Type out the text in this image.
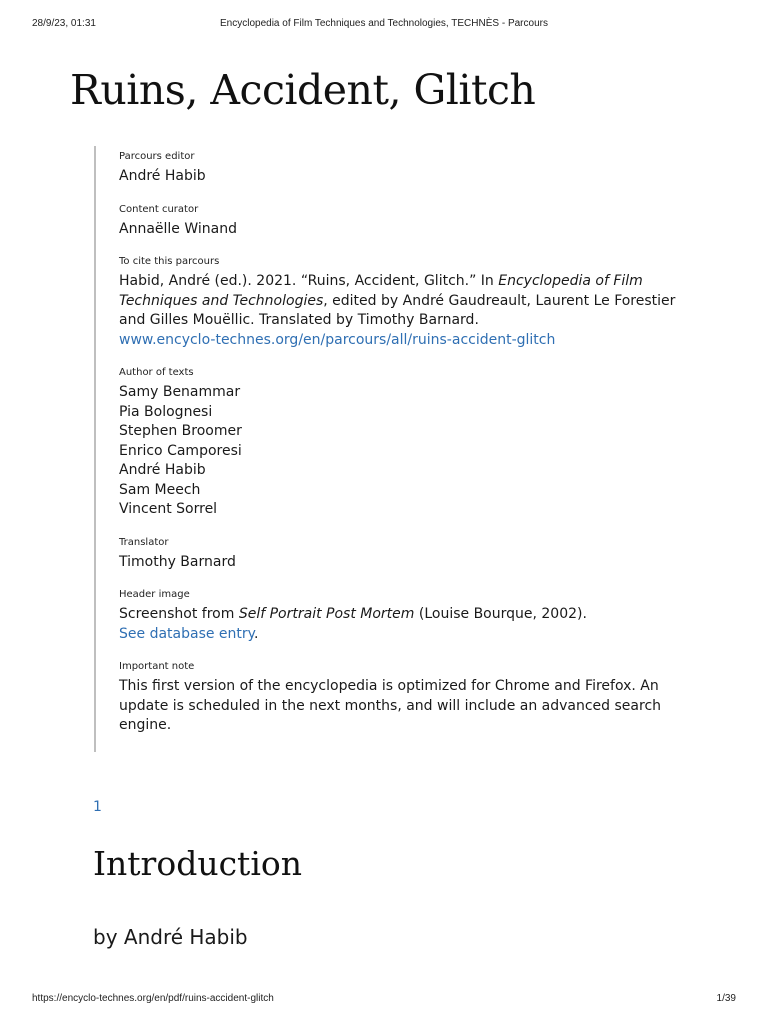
28/9/23, 01:31	Encyclopedia of Film Techniques and Technologies, TECHNÈS - Parcours
Ruins, Accident, Glitch
Parcours editor
André Habib
Content curator
Annaëlle Winand
To cite this parcours
Habid, André (ed.). 2021. “Ruins, Accident, Glitch.” In Encyclopedia of Film Techniques and Technologies, edited by André Gaudreault, Laurent Le Forestier and Gilles Mouëllic. Translated by Timothy Barnard.
www.encyclo-technes.org/en/parcours/all/ruins-accident-glitch
Author of texts
Samy Benammar
Pia Bolognesi
Stephen Broomer
Enrico Camporesi
André Habib
Sam Meech
Vincent Sorrel
Translator
Timothy Barnard
Header image
Screenshot from Self Portrait Post Mortem (Louise Bourque, 2002).
See database entry.
Important note
This first version of the encyclopedia is optimized for Chrome and Firefox. An update is scheduled in the next months, and will include an advanced search engine.
1
Introduction
by André Habib
https://encyclo-technes.org/en/pdf/ruins-accident-glitch	1/39
